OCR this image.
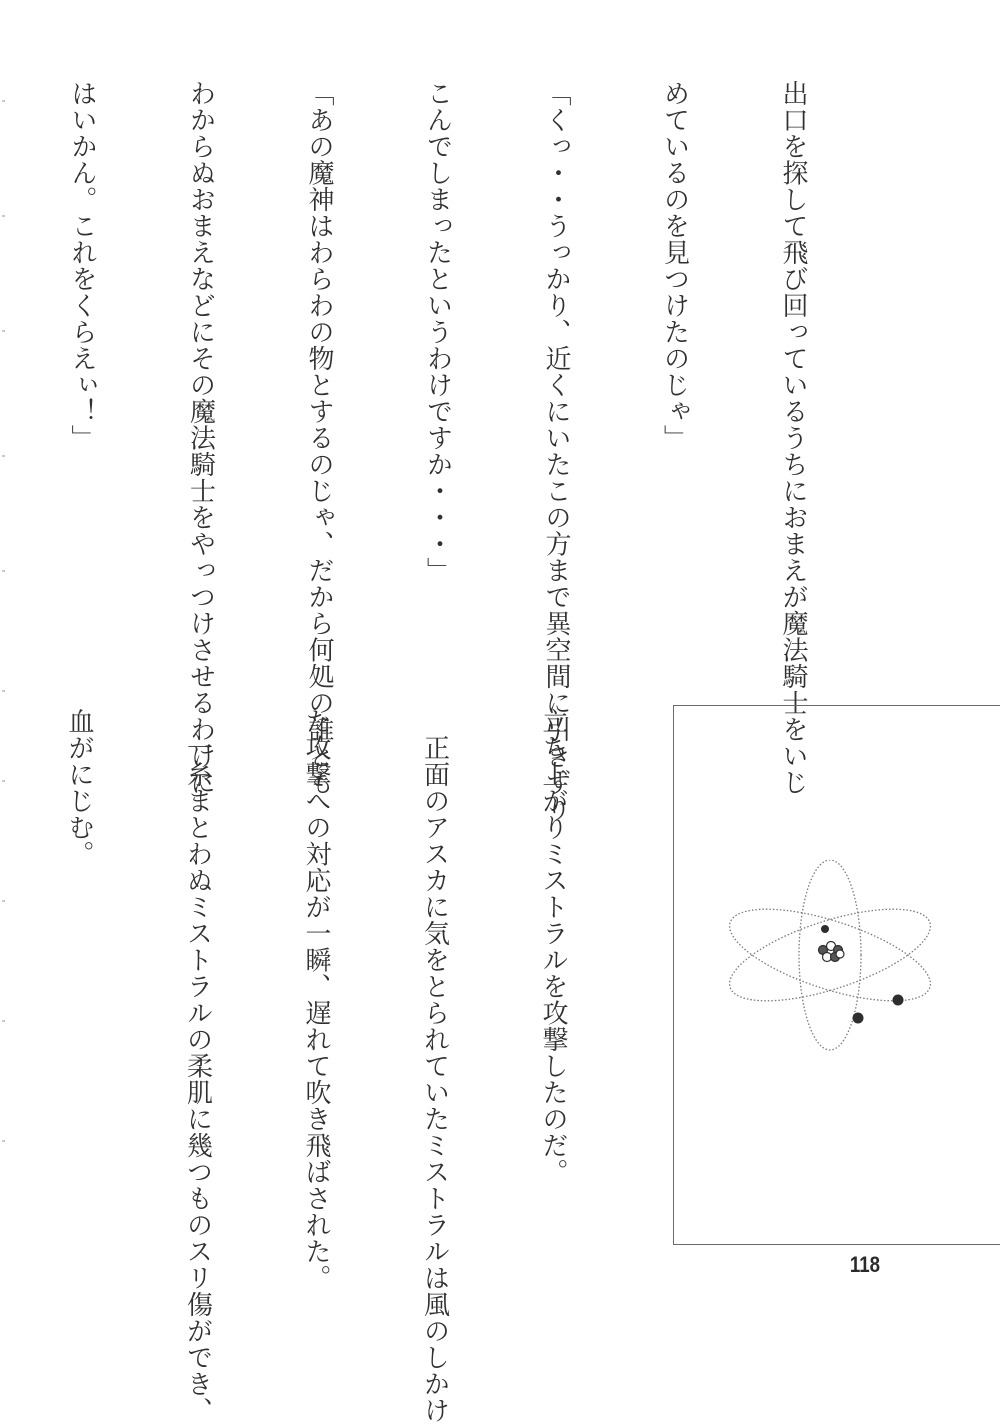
出口を探して飛び回っているうちにおまえが魔法騎士をいじ

めているのを見つけたのじゃ」

「くっ・・うっかり、近くにいたこの方まで異空間に引きずり

こんでしまったというわけですか・・・」

「あの魔神はわらわの物とするのじゃ、だから何処の誰とも

わからぬおまえなどにその魔法騎士をやっつけさせるわけに

はいかん。これをくらえぃ！」

立ち上がりミストラルを攻撃したのだ。

　正面のアスカに気をとられていたミストラルは風のしかけ

た攻撃への対応が一瞬、遅れて吹き飛ばされた。

　一糸まとわぬミストラルの柔肌に幾つものスリ傷ができ、

血がにじむ。

118
